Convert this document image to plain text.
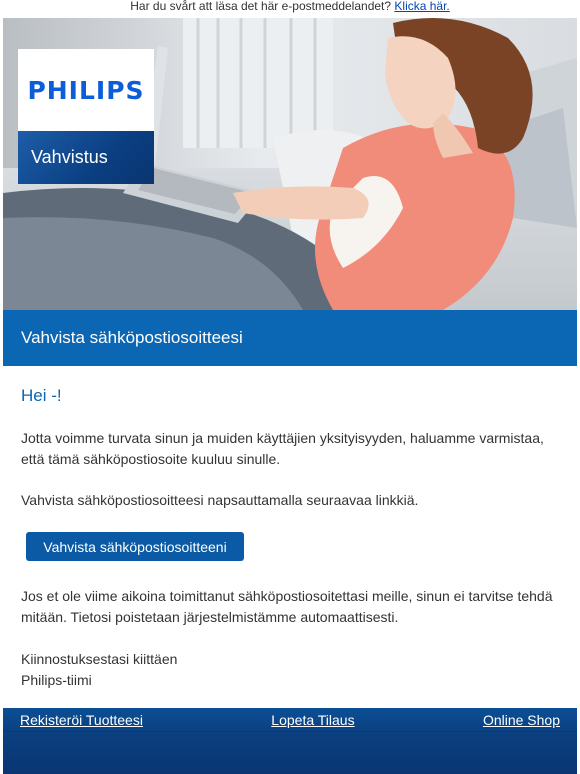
Har du svårt att läsa det här e-postmeddelandet? Klicka här.
PHILIPS
Vahvistus
Vahvista sähköpostiosoitteesi
Hei -!
Jotta voimme turvata sinun ja muiden käyttäjien yksityisyyden, haluamme varmistaa, että tämä sähköpostiosoite kuuluu sinulle.
Vahvista sähköpostiosoitteesi napsauttamalla seuraavaa linkkiä.
Vahvista sähköpostiosoitteeni
Jos et ole viime aikoina toimittanut sähköpostiosoitettasi meille, sinun ei tarvitse tehdä mitään. Tietosi poistetaan järjestelmistämme automaattisesti.
Kiinnostuksestasi kiittäen
Philips-tiimi
Rekisteröi Tuotteesi	Lopeta Tilaus	Online Shop
